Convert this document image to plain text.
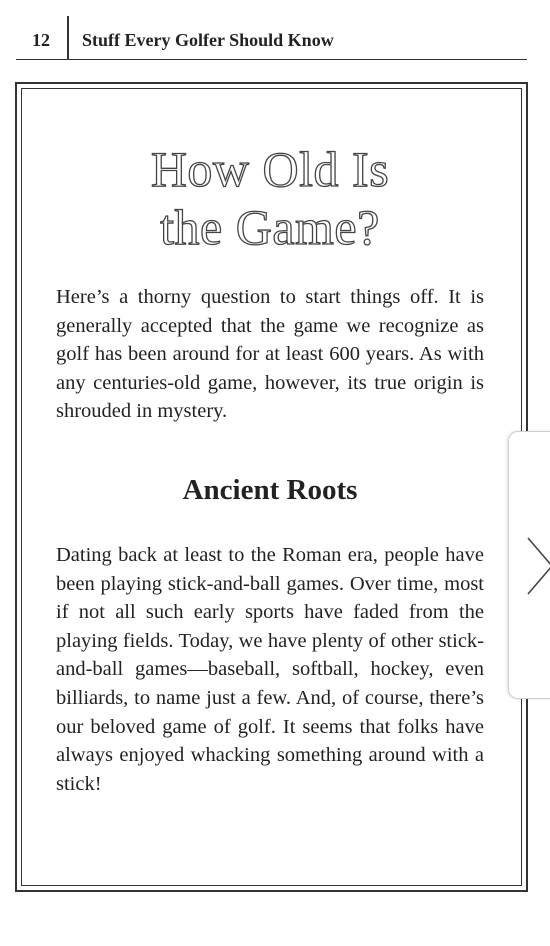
12 Stuff Every Golfer Should Know
How Old Is
the Game?

Here’s a thorny question to start things off. It is generally accepted that the game we recognize as golf has been around for at least 600 years. As with any centuries-old game, however, its true origin is shrouded in mystery.

Ancient Roots

Dating back at least to the Roman era, people have been playing stick-and-ball games. Over time, most if not all such early sports have faded from the playing fields. Today, we have plenty of other stick-and-ball games—baseball, softball, hockey, even billiards, to name just a few. And, of course, there’s our beloved game of golf. It seems that folks have always enjoyed whacking something around with a stick!
